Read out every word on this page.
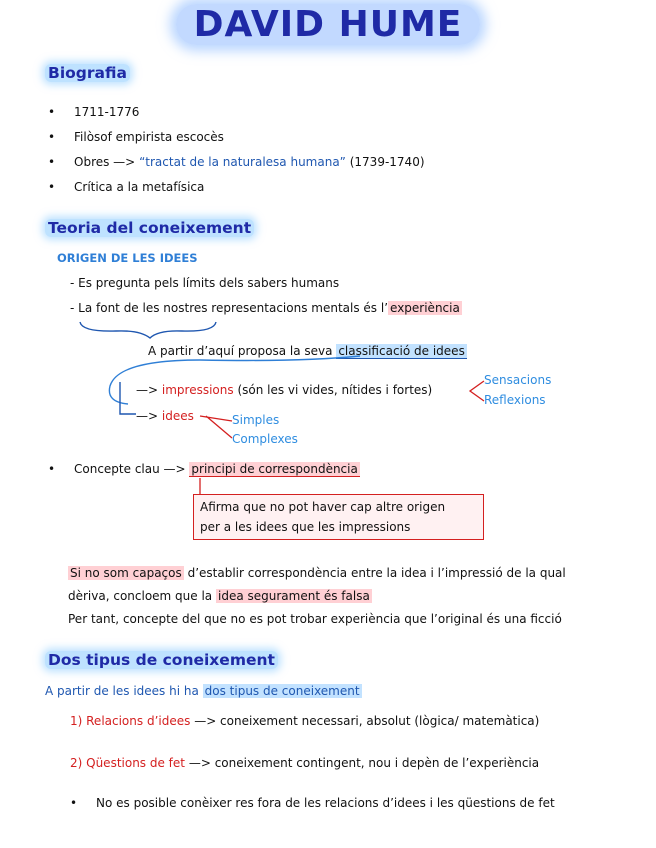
DAVID HUME
Biografia
• 1711-1776
• Filòsof empirista escocès
• Obres —> “tractat de la naturalesa humana” (1739-1740)
• Crítica a la metafísica
Teoria del coneixement
ORIGEN DE LES IDEES
- Es pregunta pels límits dels sabers humans
- La font de les nostres representacions mentals és l’ experiència
A partir d’aquí proposa la seva classificació de idees
—> impressions (són les vi vides, nítides i fortes)
Sensacions
Reflexions
—> idees	Simples
Complexes
• Concepte clau —> principi de correspondència
Afirma que no pot haver cap altre origen
per a les idees que les impressions
Si no som capaços d’establir correspondència entre la idea i l’impressió de la qual
dèriva, concloem que la idea segurament és falsa
Per tant, concepte del que no es pot trobar experiència que l’original és una ficció
Dos tipus de coneixement
A partir de les idees hi ha dos tipus de coneixement
1) Relacions d’idees —> coneixement necessari, absolut (lògica/ matemàtica)
2) Qüestions de fet —> coneixement contingent, nou i depèn de l’experiència
• No es posible conèixer res fora de les relacions d’idees i les qüestions de fet
